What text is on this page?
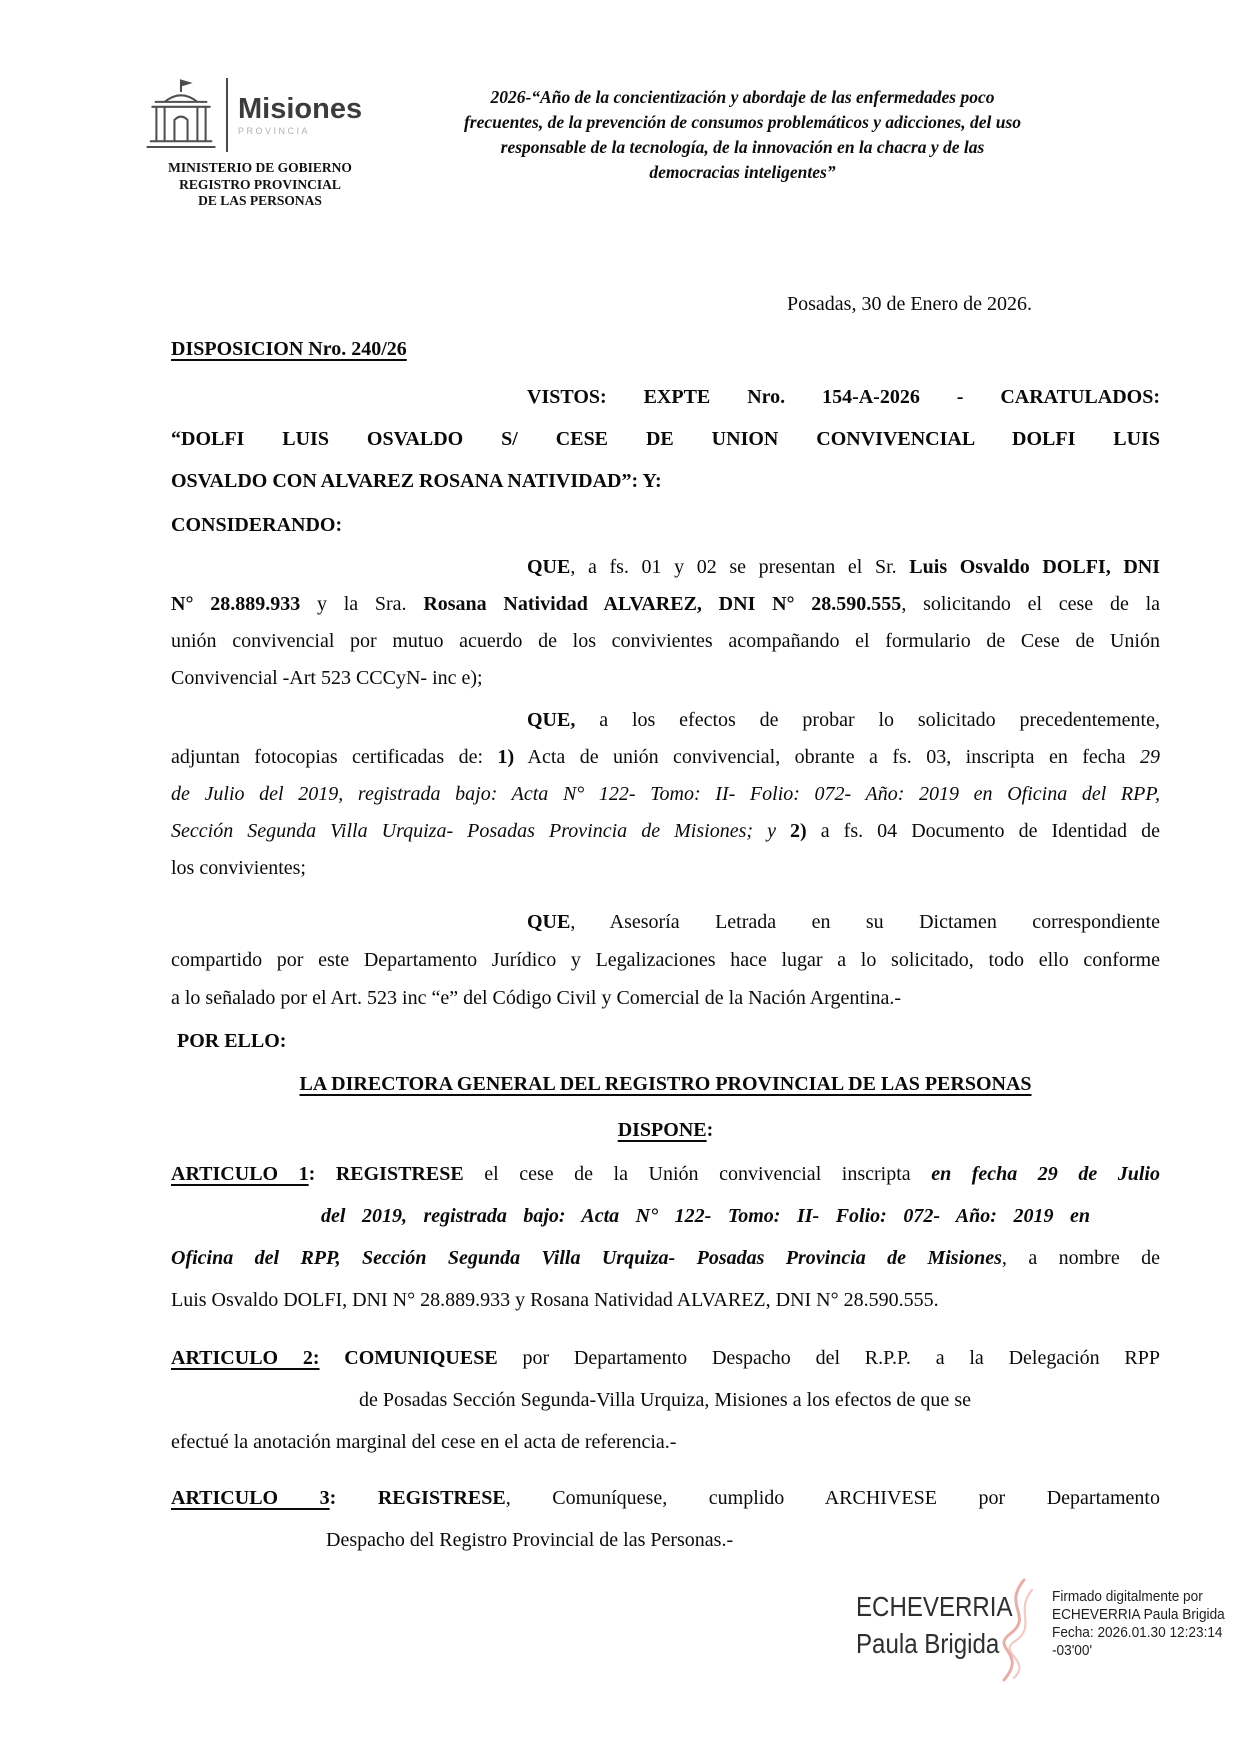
Misiones
PROVINCIA
MINISTERIO DE GOBIERNO
REGISTRO PROVINCIAL
DE LAS PERSONAS
2026-“Año de la concientización y abordaje de las enfermedades poco
frecuentes, de la prevención de consumos problemáticos y adicciones, del uso
responsable de la tecnología, de la innovación en la chacra y de las
democracias inteligentes”
Posadas, 30 de Enero de 2026.
DISPOSICION Nro. 240/26
VISTOS: EXPTE Nro. 154-A-2026 - CARATULADOS:
“DOLFI LUIS OSVALDO S/ CESE DE UNION CONVIVENCIAL DOLFI LUIS
OSVALDO CON ALVAREZ ROSANA NATIVIDAD”: Y:
CONSIDERANDO:
QUE, a fs. 01 y 02 se presentan el Sr. Luis Osvaldo DOLFI, DNI
N° 28.889.933 y la Sra. Rosana Natividad ALVAREZ, DNI N° 28.590.555, solicitando el cese de la
unión convivencial por mutuo acuerdo de los convivientes acompañando el formulario de Cese de Unión
Convivencial -Art 523 CCCyN- inc e);
QUE, a los efectos de probar lo solicitado precedentemente,
adjuntan fotocopias certificadas de: 1) Acta de unión convivencial, obrante a fs. 03, inscripta en fecha 29
de Julio del 2019, registrada bajo: Acta N° 122- Tomo: II- Folio: 072- Año: 2019 en Oficina del RPP,
Sección Segunda Villa Urquiza- Posadas Provincia de Misiones; y 2) a fs. 04 Documento de Identidad de
los convivientes;
QUE, Asesoría Letrada en su Dictamen correspondiente
compartido por este Departamento Jurídico y Legalizaciones hace lugar a lo solicitado, todo ello conforme
a lo señalado por el Art. 523 inc “e” del Código Civil y Comercial de la Nación Argentina.-
POR ELLO:
LA DIRECTORA GENERAL DEL REGISTRO PROVINCIAL DE LAS PERSONAS
DISPONE:
ARTICULO 1: REGISTRESE el cese de la Unión convivencial inscripta en fecha 29 de Julio
del 2019, registrada bajo: Acta N° 122- Tomo: II- Folio: 072- Año: 2019 en
Oficina del RPP, Sección Segunda Villa Urquiza- Posadas Provincia de Misiones, a nombre de
Luis Osvaldo DOLFI, DNI N° 28.889.933 y Rosana Natividad ALVAREZ, DNI N° 28.590.555.
ARTICULO 2: COMUNIQUESE por Departamento Despacho del R.P.P. a la Delegación RPP
de Posadas Sección Segunda-Villa Urquiza, Misiones a los efectos de que se
efectué la anotación marginal del cese en el acta de referencia.-
ARTICULO 3: REGISTRESE, Comuníquese, cumplido ARCHIVESE por Departamento
Despacho del Registro Provincial de las Personas.-
ECHEVERRIA
Paula Brigida
Firmado digitalmente por
ECHEVERRIA Paula Brigida
Fecha: 2026.01.30 12:23:14
-03'00'
